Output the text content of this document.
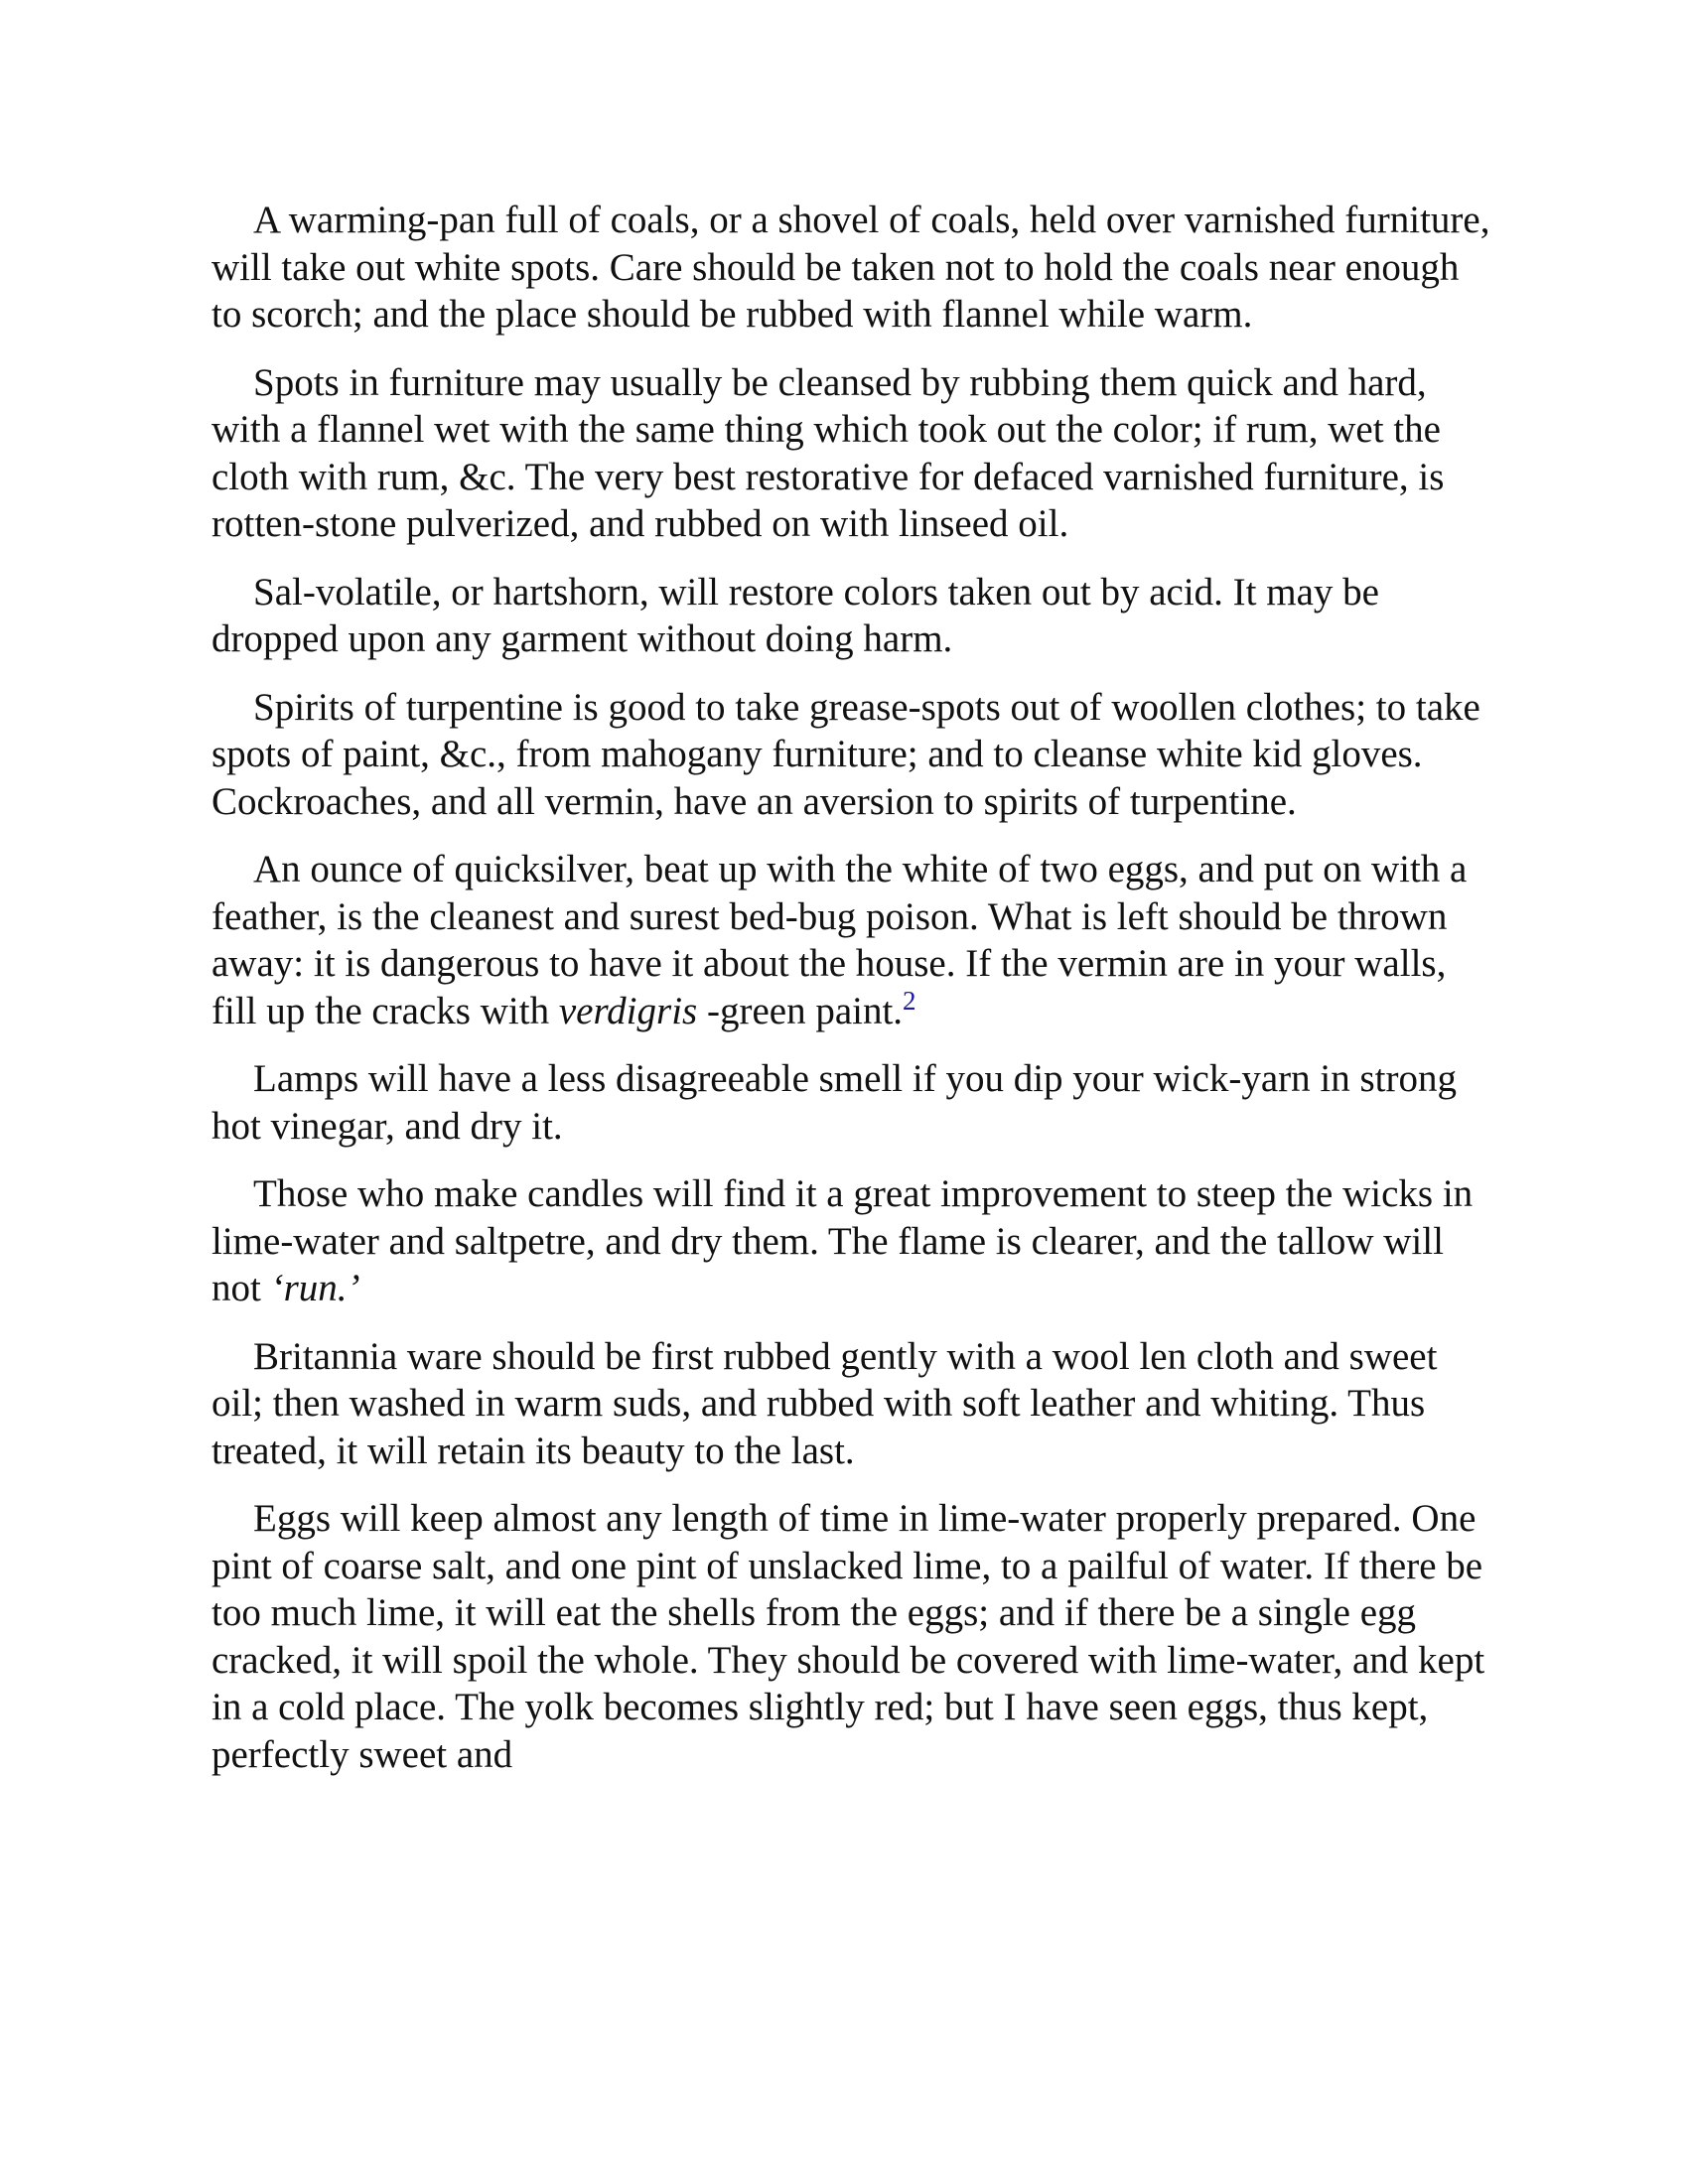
A warming-pan full of coals, or a shovel of coals, held over varnished furniture, will take out white spots. Care should be taken not to hold the coals near enough to scorch; and the place should be rubbed with flannel while warm.

Spots in furniture may usually be cleansed by rubbing them quick and hard, with a flannel wet with the same thing which took out the color; if rum, wet the cloth with rum, &c. The very best restorative for defaced varnished furniture, is rotten-stone pulverized, and rubbed on with linseed oil.

Sal-volatile, or hartshorn, will restore colors taken out by acid. It may be dropped upon any garment without doing harm.

Spirits of turpentine is good to take grease-spots out of woollen clothes; to take spots of paint, &c., from mahogany furniture; and to cleanse white kid gloves. Cockroaches, and all vermin, have an aversion to spirits of turpentine.

An ounce of quicksilver, beat up with the white of two eggs, and put on with a feather, is the cleanest and surest bed-bug poison. What is left should be thrown away: it is dangerous to have it about the house. If the vermin are in your walls, fill up the cracks with verdigris -green paint.$^2$

Lamps will have a less disagreeable smell if you dip your wick-yarn in strong hot vinegar, and dry it.

Those who make candles will find it a great improvement to steep the wicks in lime-water and saltpetre, and dry them. The flame is clearer, and the tallow will not ‘run.’

Britannia ware should be first rubbed gently with a wool len cloth and sweet oil; then washed in warm suds, and rubbed with soft leather and whiting. Thus treated, it will retain its beauty to the last.

Eggs will keep almost any length of time in lime-water properly prepared. One pint of coarse salt, and one pint of unslacked lime, to a pailful of water. If there be too much lime, it will eat the shells from the eggs; and if there be a single egg cracked, it will spoil the whole. They should be covered with lime-water, and kept in a cold place. The yolk becomes slightly red; but I have seen eggs, thus kept, perfectly sweet and
